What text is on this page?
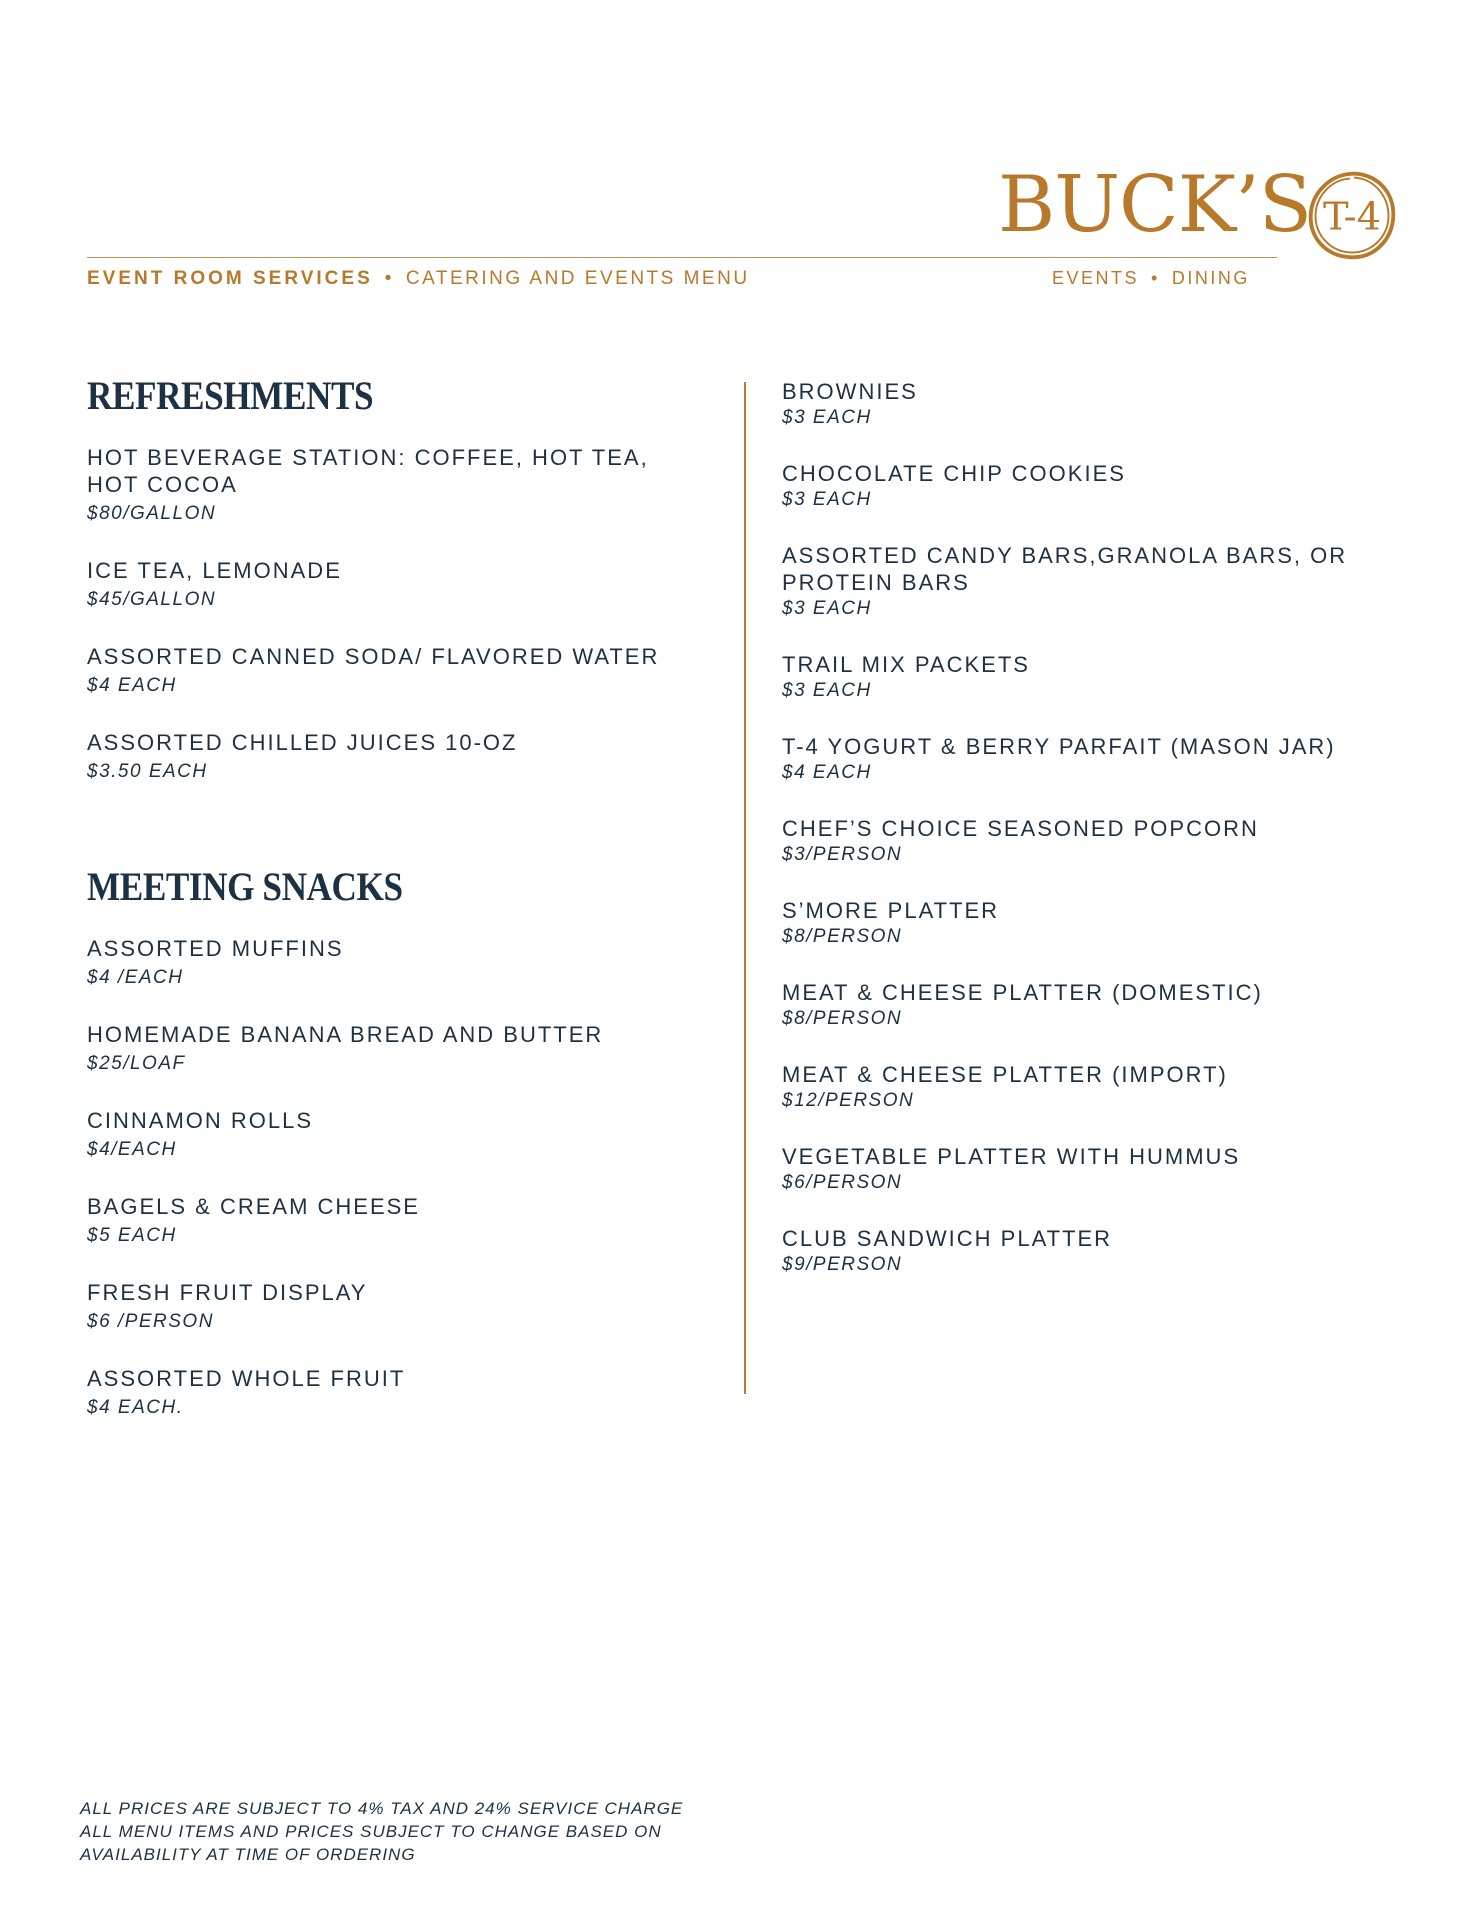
EVENT ROOM SERVICES • CATERING AND EVENTS MENU
BUCK’S T-4
EVENTS • DINING
REFRESHMENTS
HOT BEVERAGE STATION: COFFEE, HOT TEA, HOT COCOA
$80/GALLON
ICE TEA, LEMONADE
$45/GALLON
ASSORTED CANNED SODA/ FLAVORED WATER
$4 EACH
ASSORTED CHILLED JUICES 10-OZ
$3.50 EACH
MEETING SNACKS
ASSORTED MUFFINS
$4 /EACH
HOMEMADE BANANA BREAD AND BUTTER
$25/LOAF
CINNAMON ROLLS
$4/EACH
BAGELS & CREAM CHEESE
$5 EACH
FRESH FRUIT DISPLAY
$6 /PERSON
ASSORTED WHOLE FRUIT
$4 EACH.
BROWNIES
$3 EACH
CHOCOLATE CHIP COOKIES
$3 EACH
ASSORTED CANDY BARS,GRANOLA BARS, OR PROTEIN BARS
$3 EACH
TRAIL MIX PACKETS
$3 EACH
T-4 YOGURT & BERRY PARFAIT (MASON JAR)
$4 EACH
CHEF’S CHOICE SEASONED POPCORN
$3/PERSON
S’MORE PLATTER
$8/PERSON
MEAT & CHEESE PLATTER (DOMESTIC)
$8/PERSON
MEAT & CHEESE PLATTER (IMPORT)
$12/PERSON
VEGETABLE PLATTER WITH HUMMUS
$6/PERSON
CLUB SANDWICH PLATTER
$9/PERSON
ALL PRICES ARE SUBJECT TO 4% TAX AND 24% SERVICE CHARGE ALL MENU ITEMS AND PRICES SUBJECT TO CHANGE BASED ON AVAILABILITY AT TIME OF ORDERING
